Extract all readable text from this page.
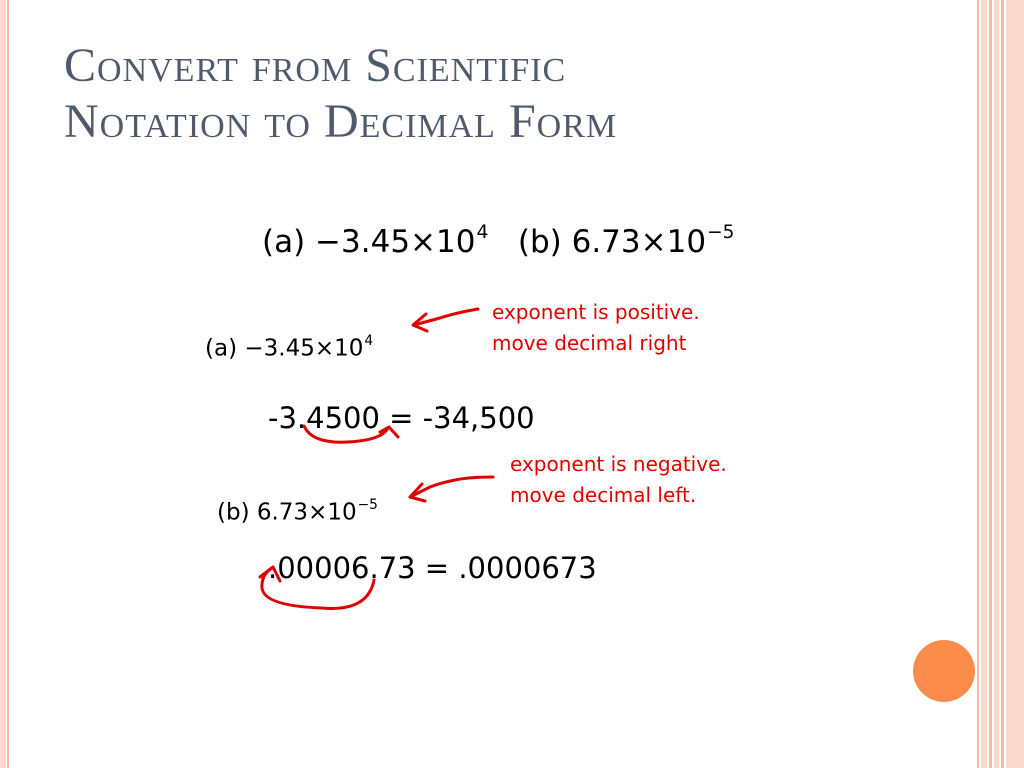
Convert from Scientific
Notation to Decimal Form
$(a) -3.45\times 10^4$ (b) $6.73\times 10^{-5}$
$(a) -3.45\times 10^4$
exponent is positive.
move decimal right
-3.4500 = -34,500
(b) $6.73\times 10^{-5}$
exponent is negative.
move decimal left.
.00006.73 = .0000673
